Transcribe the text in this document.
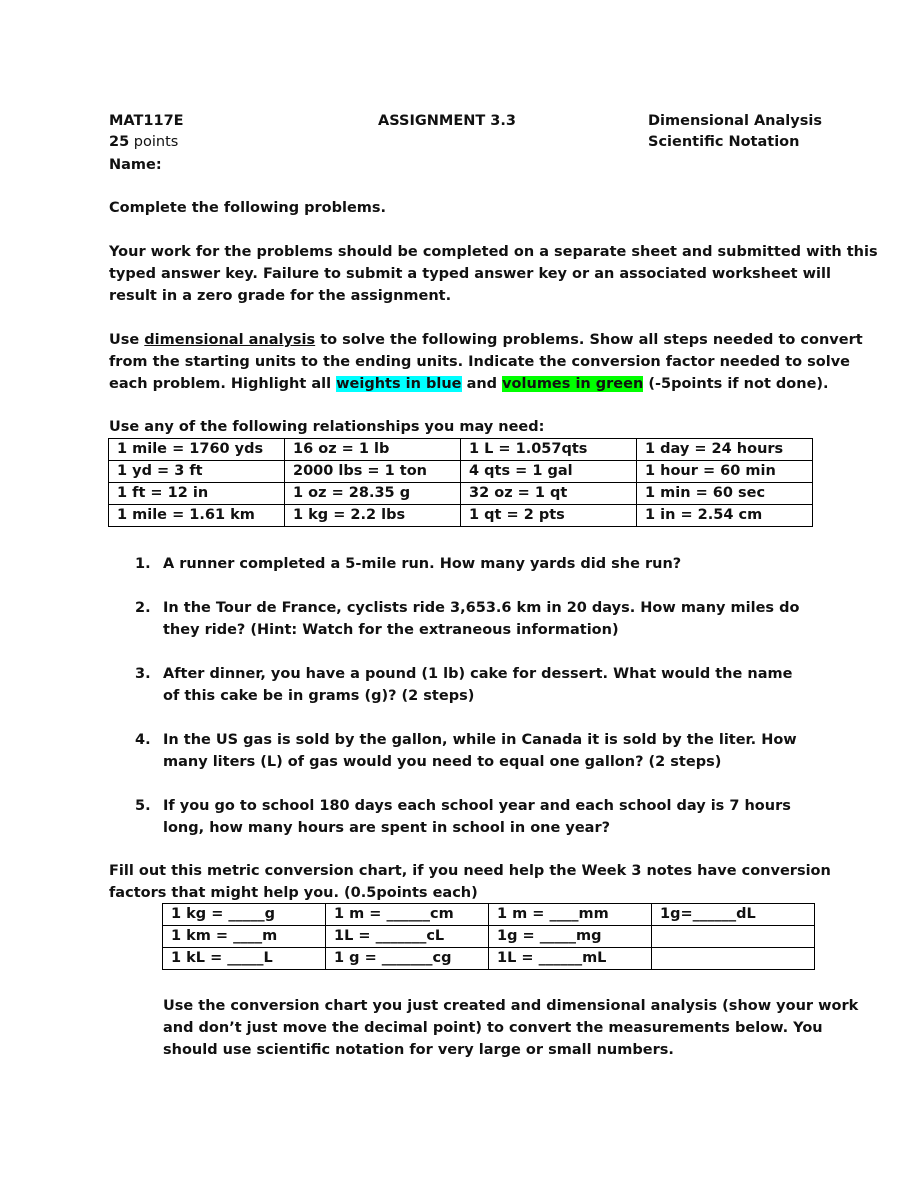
MAT117E
25 points
Name:
ASSIGNMENT 3.3	Dimensional Analysis
Scientific Notation

Complete the following problems.

Your work for the problems should be completed on a separate sheet and submitted with this

typed answer key. Failure to submit a typed answer key or an associated worksheet will

result in a zero grade for the assignment.

Use dimensional analysis to solve the following problems. Show all steps needed to convert

from the starting units to the ending units. Indicate the conversion factor needed to solve

each problem. Highlight all weights in blue and volumes in green (-5points if not done).

Use any of the following relationships you may need:
1 mile = 1760 yds	16 oz = 1 lb	1 L = 1.057qts	1 day = 24 hours
1 yd = 3 ft	2000 lbs = 1 ton	4 qts = 1 gal	1 hour = 60 min
1 ft = 12 in	1 oz = 28.35 g	32 oz = 1 qt	1 min = 60 sec
1 mile = 1.61 km	1 kg = 2.2 lbs	1 qt = 2 pts	1 in = 2.54 cm
1. A runner completed a 5-mile run. How many yards did she run?
2. In the Tour de France, cyclists ride 3,653.6 km in 20 days. How many miles do they ride? (Hint: Watch for the extraneous information)
3. After dinner, you have a pound (1 lb) cake for dessert. What would the name of this cake be in grams (g)? (2 steps)
4. In the US gas is sold by the gallon, while in Canada it is sold by the liter. How many liters (L) of gas would you need to equal one gallon? (2 steps)
5. If you go to school 180 days each school year and each school day is 7 hours long, how many hours are spent in school in one year?

Fill out this metric conversion chart, if you need help the Week 3 notes have conversion

factors that might help you. (0.5points each)

1 kg = _____g	1 m = ______cm	1 m = ____mm	1g=______dL
1 km = ____m	1L = _______cL	1g = _____mg	
1 kL = _____L	1 g = _______cg	1L = ______mL	

Use the conversion chart you just created and dimensional analysis (show your work

and don’t just move the decimal point) to convert the measurements below. You

should use scientific notation for very large or small numbers.
